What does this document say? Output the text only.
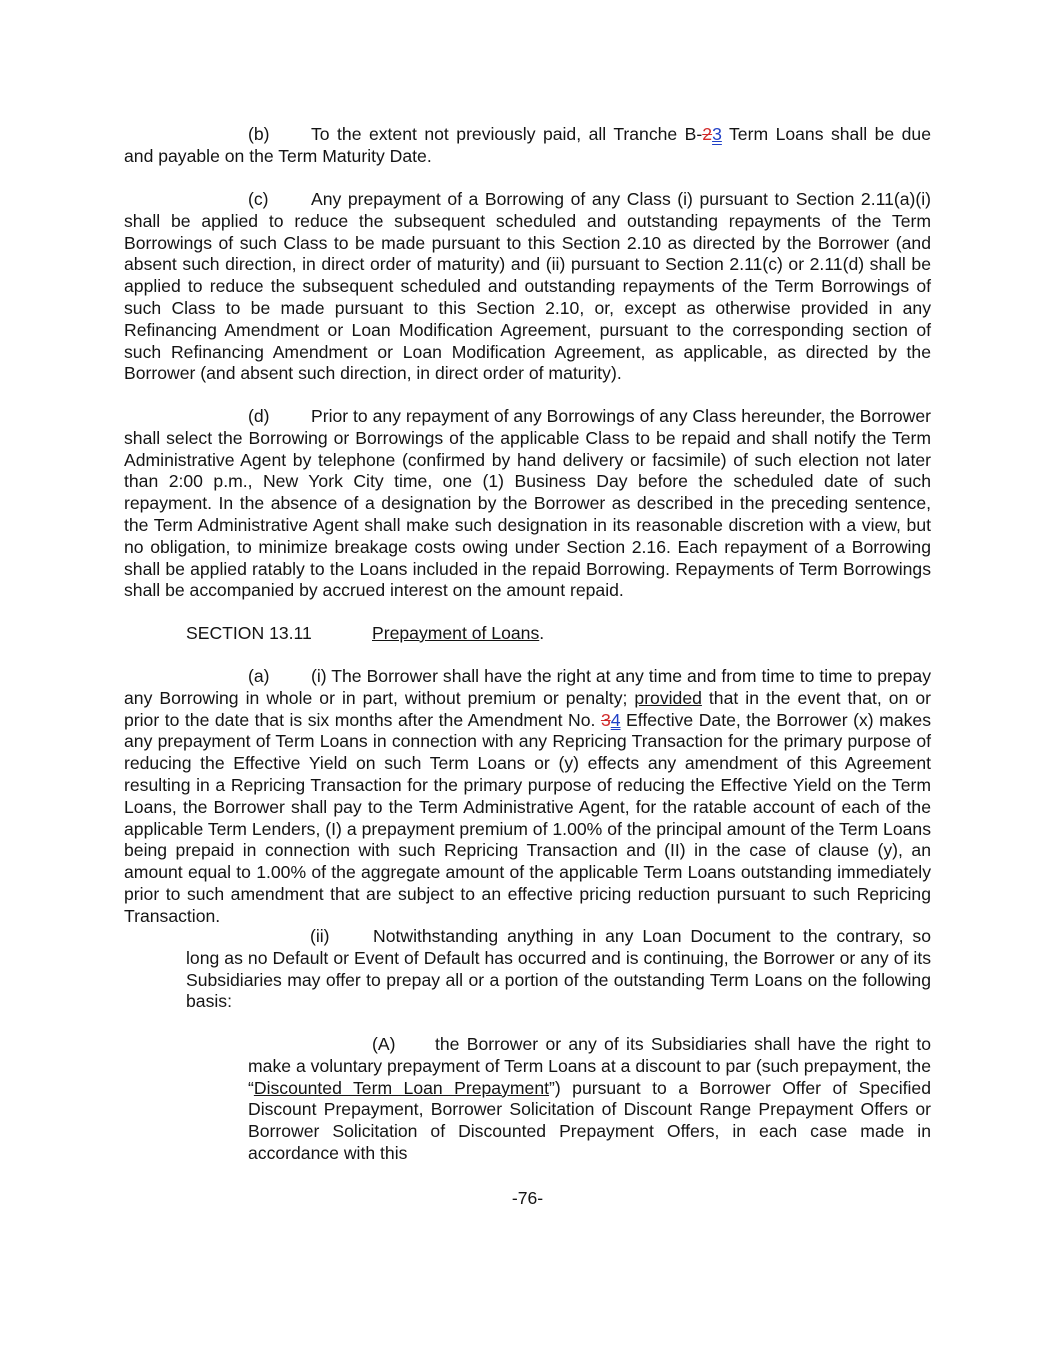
(b) To the extent not previously paid, all Tranche B-23 Term Loans shall be due and payable on the Term Maturity Date.

(c) Any prepayment of a Borrowing of any Class (i) pursuant to Section 2.11(a)(i) shall be applied to reduce the subsequent scheduled and outstanding repayments of the Term Borrowings of such Class to be made pursuant to this Section 2.10 as directed by the Borrower (and absent such direction, in direct order of maturity) and (ii) pursuant to Section 2.11(c) or 2.11(d) shall be applied to reduce the subsequent scheduled and outstanding repayments of the Term Borrowings of such Class to be made pursuant to this Section 2.10, or, except as otherwise provided in any Refinancing Amendment or Loan Modification Agreement, pursuant to the corresponding section of such Refinancing Amendment or Loan Modification Agreement, as applicable, as directed by the Borrower (and absent such direction, in direct order of maturity).

(d) Prior to any repayment of any Borrowings of any Class hereunder, the Borrower shall select the Borrowing or Borrowings of the applicable Class to be repaid and shall notify the Term Administrative Agent by telephone (confirmed by hand delivery or facsimile) of such election not later than 2:00 p.m., New York City time, one (1) Business Day before the scheduled date of such repayment. In the absence of a designation by the Borrower as described in the preceding sentence, the Term Administrative Agent shall make such designation in its reasonable discretion with a view, but no obligation, to minimize breakage costs owing under Section 2.16. Each repayment of a Borrowing shall be applied ratably to the Loans included in the repaid Borrowing. Repayments of Term Borrowings shall be accompanied by accrued interest on the amount repaid.

SECTION 13.11	Prepayment of Loans.

(a) (i) The Borrower shall have the right at any time and from time to time to prepay any Borrowing in whole or in part, without premium or penalty; provided that in the event that, on or prior to the date that is six months after the Amendment No. 34 Effective Date, the Borrower (x) makes any prepayment of Term Loans in connection with any Repricing Transaction for the primary purpose of reducing the Effective Yield on such Term Loans or (y) effects any amendment of this Agreement resulting in a Repricing Transaction for the primary purpose of reducing the Effective Yield on the Term Loans, the Borrower shall pay to the Term Administrative Agent, for the ratable account of each of the applicable Term Lenders, (I) a prepayment premium of 1.00% of the principal amount of the Term Loans being prepaid in connection with such Repricing Transaction and (II) in the case of clause (y), an amount equal to 1.00% of the aggregate amount of the applicable Term Loans outstanding immediately prior to such amendment that are subject to an effective pricing reduction pursuant to such Repricing Transaction.

(ii) Notwithstanding anything in any Loan Document to the contrary, so long as no Default or Event of Default has occurred and is continuing, the Borrower or any of its Subsidiaries may offer to prepay all or a portion of the outstanding Term Loans on the following basis:

(A) the Borrower or any of its Subsidiaries shall have the right to make a voluntary prepayment of Term Loans at a discount to par (such prepayment, the “Discounted Term Loan Prepayment”) pursuant to a Borrower Offer of Specified Discount Prepayment, Borrower Solicitation of Discount Range Prepayment Offers or Borrower Solicitation of Discounted Prepayment Offers, in each case made in accordance with this

-76-
